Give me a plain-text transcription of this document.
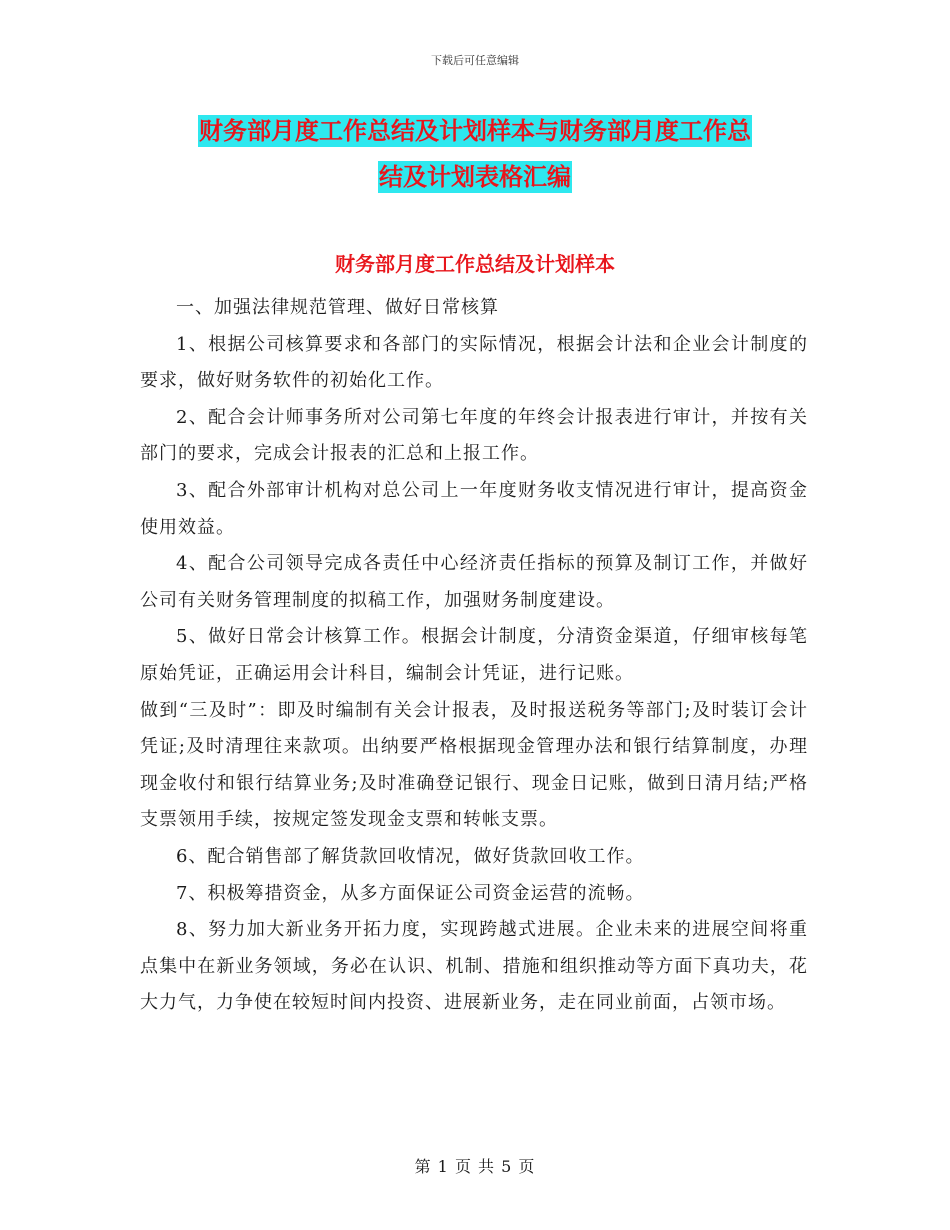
下载后可任意编辑
财务部月度工作总结及计划样本与财务部月度工作总
结及计划表格汇编
财务部月度工作总结及计划样本

一、加强法律规范管理、做好日常核算

1、根据公司核算要求和各部门的实际情况，根据会计法和企业会计制度的要求，做好财务软件的初始化工作。

2、配合会计师事务所对公司第七年度的年终会计报表进行审计，并按有关部门的要求，完成会计报表的汇总和上报工作。

3、配合外部审计机构对总公司上一年度财务收支情况进行审计，提高资金使用效益。

4、配合公司领导完成各责任中心经济责任指标的预算及制订工作，并做好公司有关财务管理制度的拟稿工作，加强财务制度建设。

5、做好日常会计核算工作。根据会计制度，分清资金渠道，仔细审核每笔原始凭证，正确运用会计科目，编制会计凭证，进行记账。

做到“三及时”：即及时编制有关会计报表，及时报送税务等部门;及时装订会计凭证;及时清理往来款项。出纳要严格根据现金管理办法和银行结算制度，办理现金收付和银行结算业务;及时准确登记银行、现金日记账，做到日清月结;严格支票领用手续，按规定签发现金支票和转帐支票。

6、配合销售部了解货款回收情况，做好货款回收工作。

7、积极筹措资金，从多方面保证公司资金运营的流畅。

8、努力加大新业务开拓力度，实现跨越式进展。企业未来的进展空间将重点集中在新业务领域，务必在认识、机制、措施和组织推动等方面下真功夫，花大力气，力争使在较短时间内投资、进展新业务，走在同业前面，占领市场。

第 1 页 共 5 页
